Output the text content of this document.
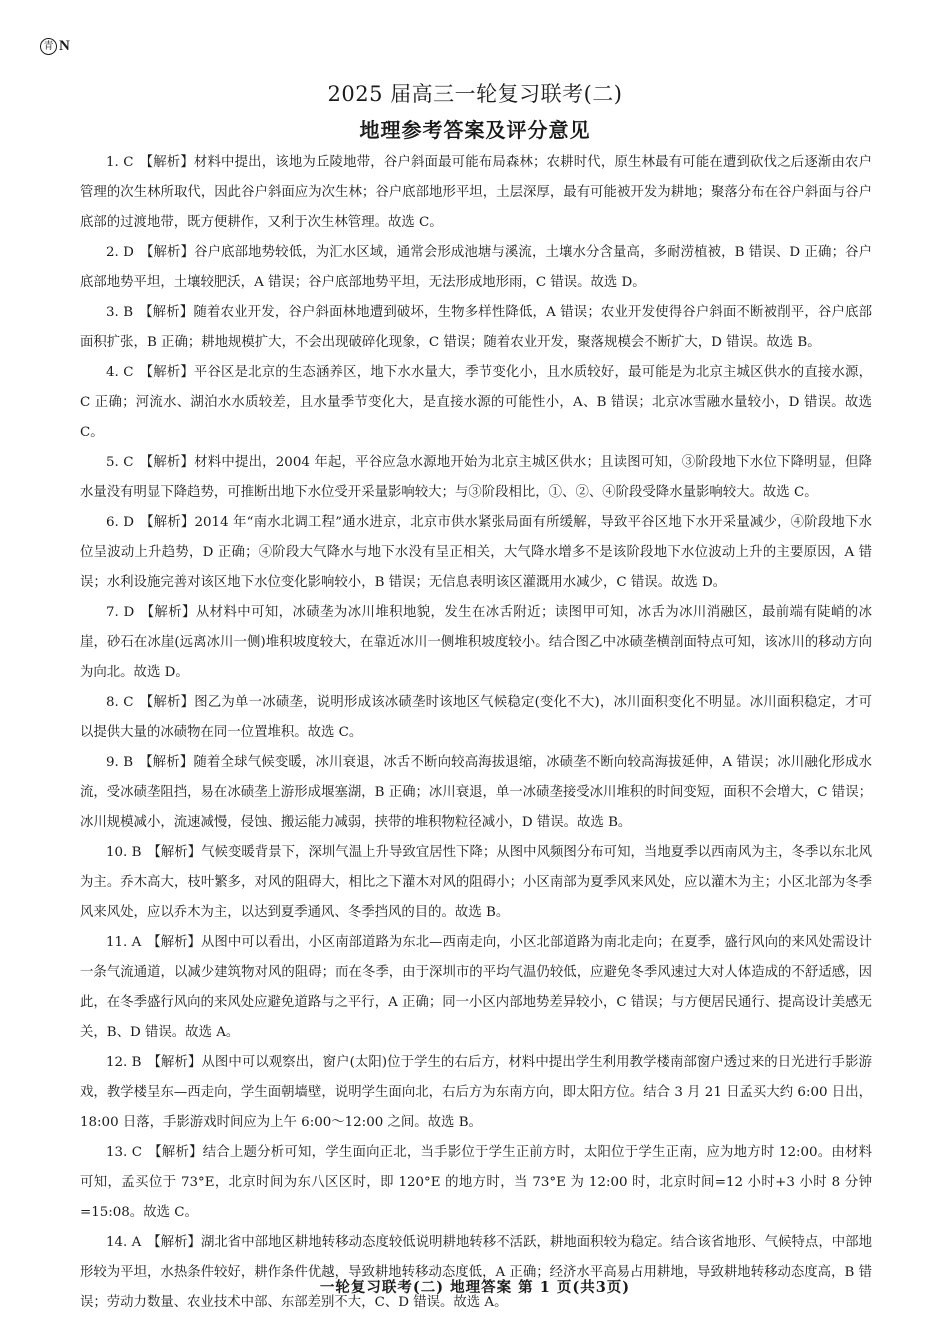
青 N
2025 届高三一轮复习联考(二)
地理参考答案及评分意见

1. C 【解析】材料中提出，该地为丘陵地带，谷户斜面最可能布局森林；农耕时代，原生林最有可能在遭到砍伐之后逐渐由农户管理的次生林所取代，因此谷户斜面应为次生林；谷户底部地形平坦，土层深厚，最有可能被开发为耕地；聚落分布在谷户斜面与谷户底部的过渡地带，既方便耕作，又利于次生林管理。故选 C。

2. D 【解析】谷户底部地势较低，为汇水区域，通常会形成池塘与溪流，土壤水分含量高，多耐涝植被，B 错误、D 正确；谷户底部地势平坦，土壤较肥沃，A 错误；谷户底部地势平坦，无法形成地形雨，C 错误。故选 D。

3. B 【解析】随着农业开发，谷户斜面林地遭到破坏，生物多样性降低，A 错误；农业开发使得谷户斜面不断被削平，谷户底部面积扩张，B 正确；耕地规模扩大，不会出现破碎化现象，C 错误；随着农业开发，聚落规模会不断扩大，D 错误。故选 B。

4. C 【解析】平谷区是北京的生态涵养区，地下水水量大，季节变化小，且水质较好，最可能是为北京主城区供水的直接水源，C 正确；河流水、湖泊水水质较差，且水量季节变化大，是直接水源的可能性小，A、B 错误；北京冰雪融水量较小，D 错误。故选 C。

5. C 【解析】材料中提出，2004 年起，平谷应急水源地开始为北京主城区供水；且读图可知，③阶段地下水位下降明显，但降水量没有明显下降趋势，可推断出地下水位受开采量影响较大；与③阶段相比，①、②、④阶段受降水量影响较大。故选 C。

6. D 【解析】2014 年“南水北调工程”通水进京，北京市供水紧张局面有所缓解，导致平谷区地下水开采量减少，④阶段地下水位呈波动上升趋势，D 正确；④阶段大气降水与地下水没有呈正相关，大气降水增多不是该阶段地下水位波动上升的主要原因，A 错误；水利设施完善对该区地下水位变化影响较小，B 错误；无信息表明该区灌溉用水减少，C 错误。故选 D。

7. D 【解析】从材料中可知，冰碛垄为冰川堆积地貌，发生在冰舌附近；读图甲可知，冰舌为冰川消融区，最前端有陡峭的冰崖，砂石在冰崖(远离冰川一侧)堆积坡度较大，在靠近冰川一侧堆积坡度较小。结合图乙中冰碛垄横剖面特点可知，该冰川的移动方向为向北。故选 D。

8. C 【解析】图乙为单一冰碛垄，说明形成该冰碛垄时该地区气候稳定(变化不大)，冰川面积变化不明显。冰川面积稳定，才可以提供大量的冰碛物在同一位置堆积。故选 C。

9. B 【解析】随着全球气候变暖，冰川衰退，冰舌不断向较高海拔退缩，冰碛垄不断向较高海拔延伸，A 错误；冰川融化形成水流，受冰碛垄阻挡，易在冰碛垄上游形成堰塞湖，B 正确；冰川衰退，单一冰碛垄接受冰川堆积的时间变短，面积不会增大，C 错误；冰川规模减小，流速减慢，侵蚀、搬运能力减弱，挟带的堆积物粒径减小，D 错误。故选 B。

10. B 【解析】气候变暖背景下，深圳气温上升导致宜居性下降；从图中风频图分布可知，当地夏季以西南风为主，冬季以东北风为主。乔木高大，枝叶繁多，对风的阻碍大，相比之下灌木对风的阻碍小；小区南部为夏季风来风处，应以灌木为主；小区北部为冬季风来风处，应以乔木为主，以达到夏季通风、冬季挡风的目的。故选 B。

11. A 【解析】从图中可以看出，小区南部道路为东北—西南走向，小区北部道路为南北走向；在夏季，盛行风向的来风处需设计一条气流通道，以减少建筑物对风的阻碍；而在冬季，由于深圳市的平均气温仍较低，应避免冬季风速过大对人体造成的不舒适感，因此，在冬季盛行风向的来风处应避免道路与之平行，A 正确；同一小区内部地势差异较小，C 错误；与方便居民通行、提高设计美感无关，B、D 错误。故选 A。

12. B 【解析】从图中可以观察出，窗户(太阳)位于学生的右后方，材料中提出学生利用教学楼南部窗户透过来的日光进行手影游戏，教学楼呈东—西走向，学生面朝墙壁，说明学生面向北，右后方为东南方向，即太阳方位。结合 3 月 21 日孟买大约 6:00 日出，18:00 日落，手影游戏时间应为上午 6:00～12:00 之间。故选 B。

13. C 【解析】结合上题分析可知，学生面向正北，当手影位于学生正前方时，太阳位于学生正南，应为地方时 12:00。由材料可知，孟买位于 73°E，北京时间为东八区区时，即 120°E 的地方时，当 73°E 为 12:00 时，北京时间=12 小时+3 小时 8 分钟=15:08。故选 C。

14. A 【解析】湖北省中部地区耕地转移动态度较低说明耕地转移不活跃，耕地面积较为稳定。结合该省地形、气候特点，中部地形较为平坦，水热条件较好，耕作条件优越，导致耕地转移动态度低，A 正确；经济水平高易占用耕地，导致耕地转移动态度高，B 错误；劳动力数量、农业技术中部、东部差别不大，C、D 错误。故选 A。

一轮复习联考(二) 地理答案 第 1 页(共3页)
